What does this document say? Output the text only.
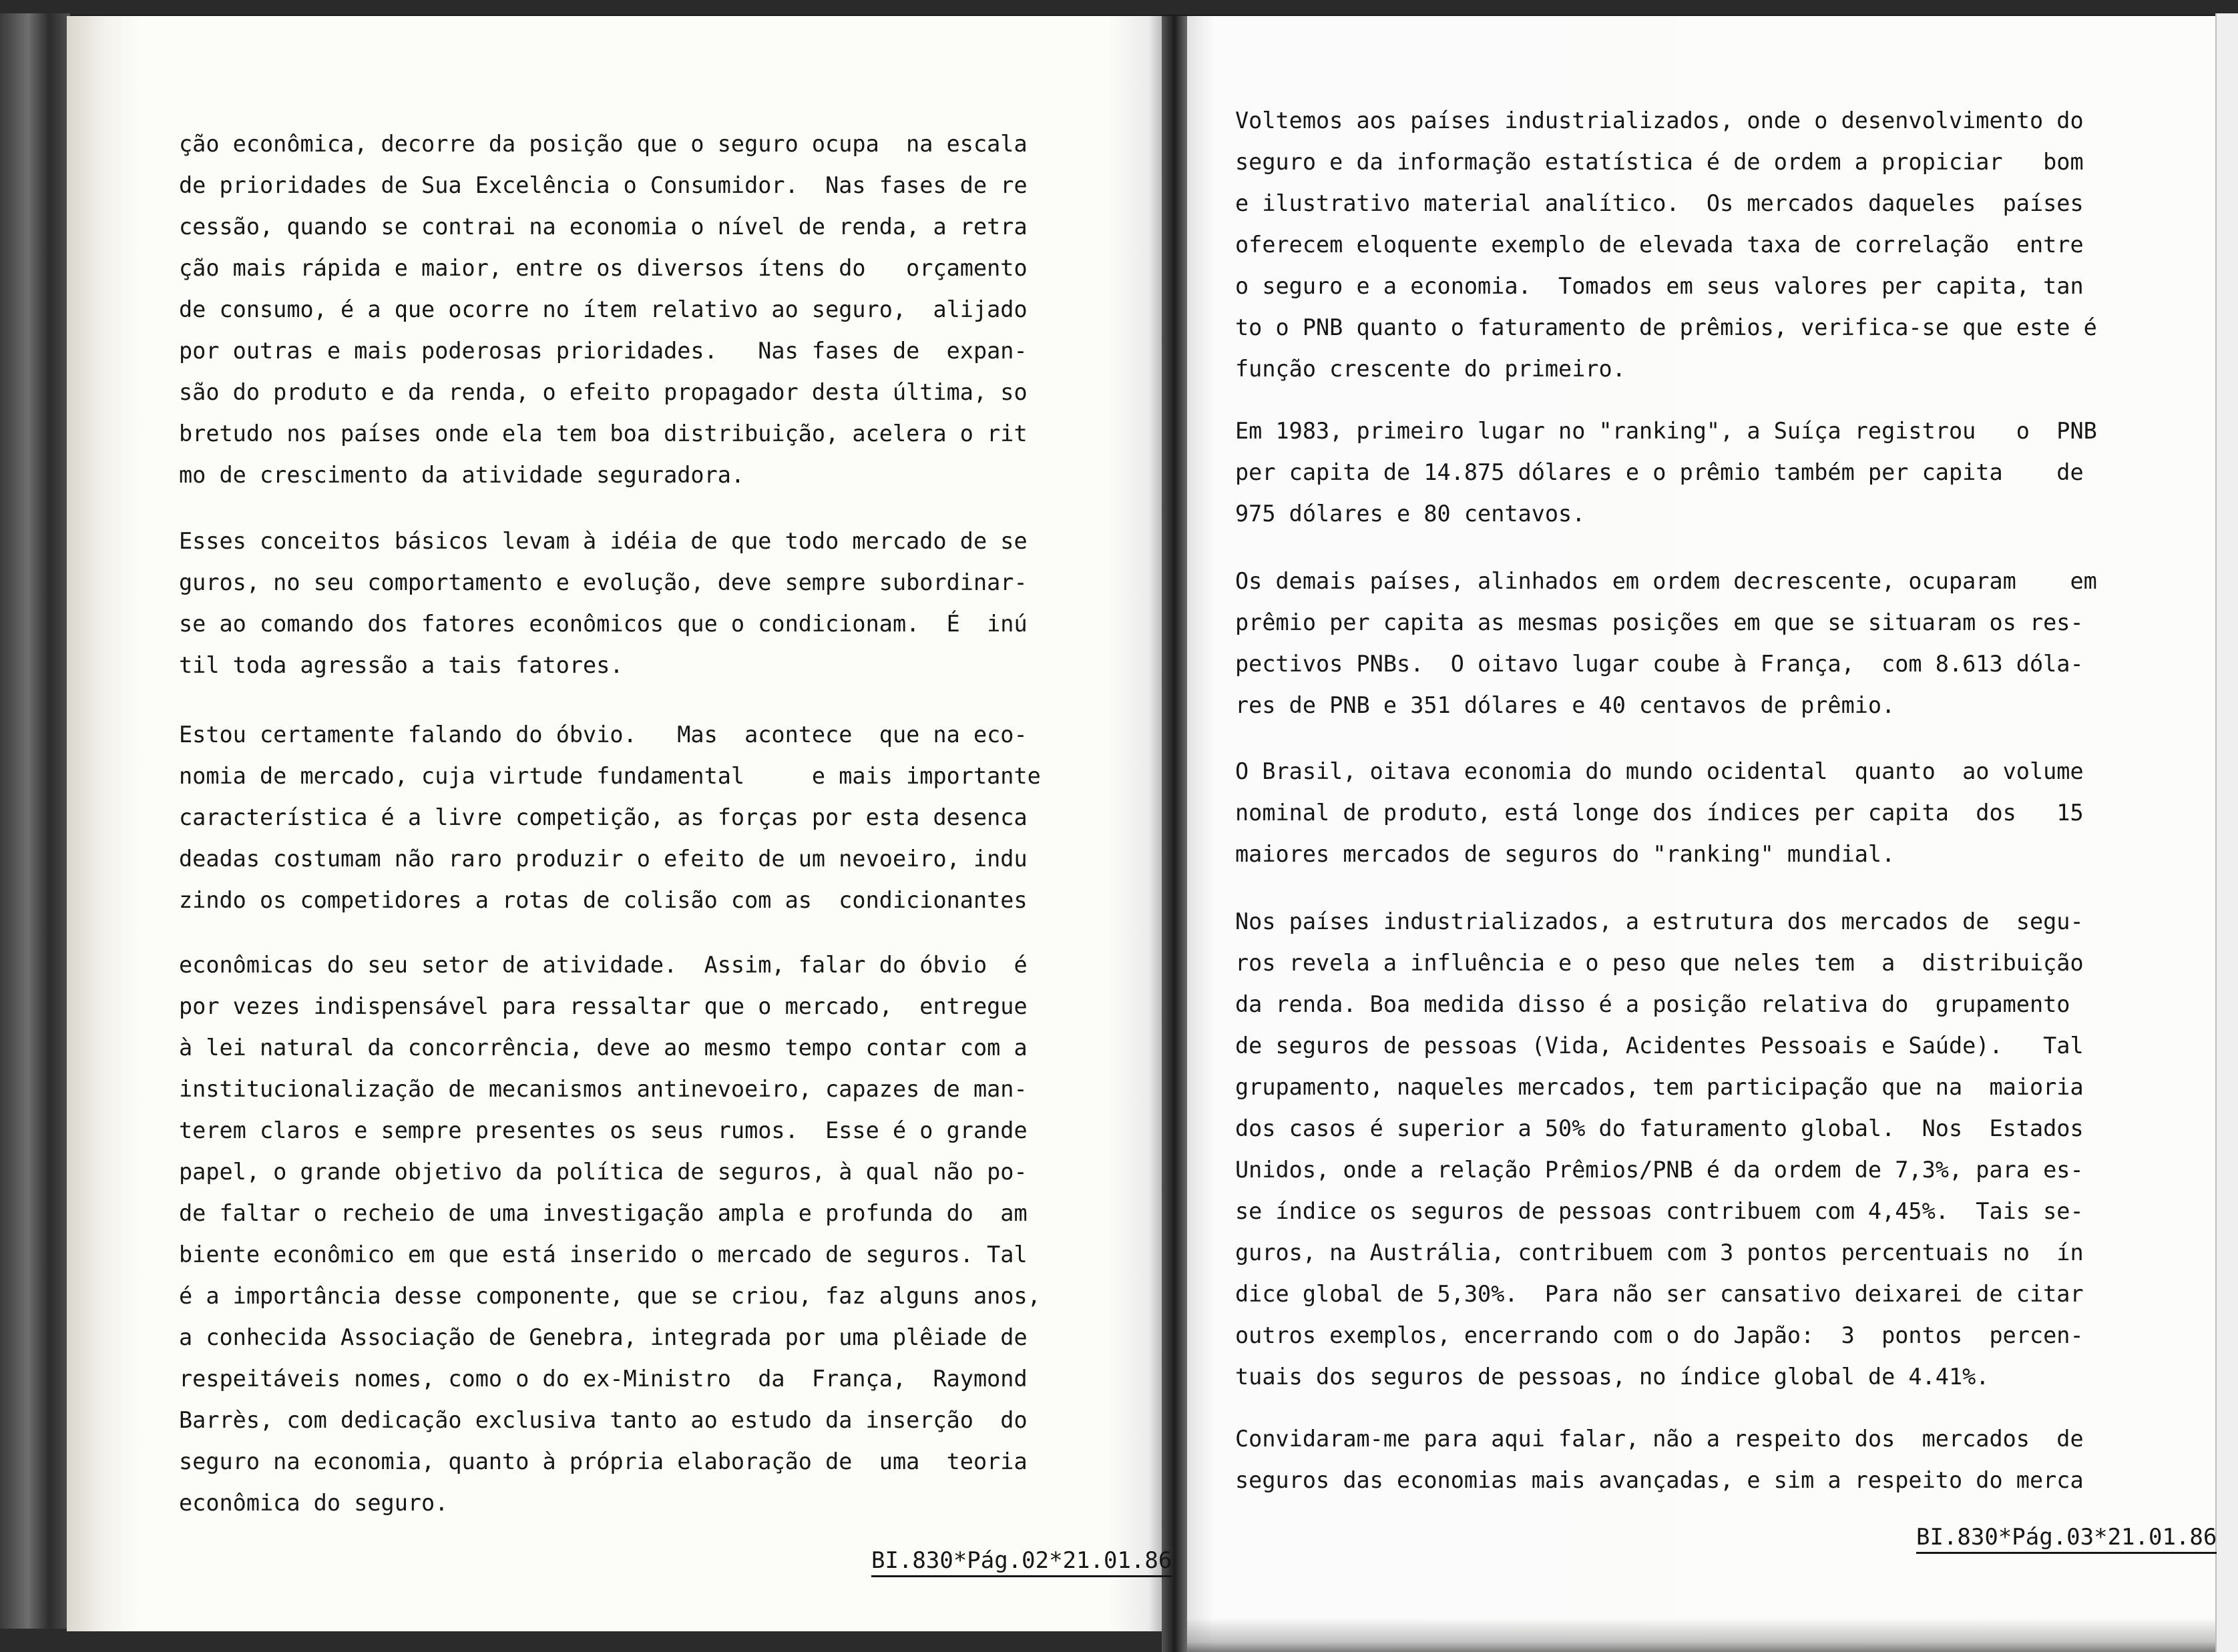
ção econômica, decorre da posição que o seguro ocupa  na escala
de prioridades de Sua Excelência o Consumidor.  Nas fases de re
cessão, quando se contrai na economia o nível de renda, a retra
ção mais rápida e maior, entre os diversos ítens do   orçamento
de consumo, é a que ocorre no ítem relativo ao seguro,  alijado
por outras e mais poderosas prioridades.   Nas fases de  expan-
são do produto e da renda, o efeito propagador desta última, so
bretudo nos países onde ela tem boa distribuição, acelera o rit
mo de crescimento da atividade seguradora.

Esses conceitos básicos levam à idéia de que todo mercado de se
guros, no seu comportamento e evolução, deve sempre subordinar-
se ao comando dos fatores econômicos que o condicionam.  É  inú
til toda agressão a tais fatores.

Estou certamente falando do óbvio.   Mas  acontece  que na eco-
nomia de mercado, cuja virtude fundamental     e mais importante
característica é a livre competição, as forças por esta desenca
deadas costumam não raro produzir o efeito de um nevoeiro, indu
zindo os competidores a rotas de colisão com as  condicionantes

econômicas do seu setor de atividade.  Assim, falar do óbvio  é
por vezes indispensável para ressaltar que o mercado,  entregue
à lei natural da concorrência, deve ao mesmo tempo contar com a
institucionalização de mecanismos antinevoeiro, capazes de man-
terem claros e sempre presentes os seus rumos.  Esse é o grande
papel, o grande objetivo da política de seguros, à qual não po-
de faltar o recheio de uma investigação ampla e profunda do  am
biente econômico em que está inserido o mercado de seguros. Tal
é a importância desse componente, que se criou, faz alguns anos,
a conhecida Associação de Genebra, integrada por uma plêiade de
respeitáveis nomes, como o do ex-Ministro  da  França,  Raymond
Barrès, com dedicação exclusiva tanto ao estudo da inserção  do
seguro na economia, quanto à própria elaboração de  uma  teoria
econômica do seguro.

BI.830*Pág.02*21.01.86

Voltemos aos países industrializados, onde o desenvolvimento do
seguro e da informação estatística é de ordem a propiciar   bom
e ilustrativo material analítico.  Os mercados daqueles  países
oferecem eloquente exemplo de elevada taxa de correlação  entre
o seguro e a economia.  Tomados em seus valores per capita, tan
to o PNB quanto o faturamento de prêmios, verifica-se que este é
função crescente do primeiro.

Em 1983, primeiro lugar no "ranking", a Suíça registrou   o  PNB
per capita de 14.875 dólares e o prêmio também per capita    de
975 dólares e 80 centavos.

Os demais países, alinhados em ordem decrescente, ocuparam    em
prêmio per capita as mesmas posições em que se situaram os res-
pectivos PNBs.  O oitavo lugar coube à França,  com 8.613 dóla-
res de PNB e 351 dólares e 40 centavos de prêmio.

O Brasil, oitava economia do mundo ocidental  quanto  ao volume
nominal de produto, está longe dos índices per capita  dos   15
maiores mercados de seguros do "ranking" mundial.

Nos países industrializados, a estrutura dos mercados de  segu-
ros revela a influência e o peso que neles tem  a  distribuição
da renda. Boa medida disso é a posição relativa do  grupamento
de seguros de pessoas (Vida, Acidentes Pessoais e Saúde).   Tal
grupamento, naqueles mercados, tem participação que na  maioria
dos casos é superior a 50% do faturamento global.  Nos  Estados
Unidos, onde a relação Prêmios/PNB é da ordem de 7,3%, para es-
se índice os seguros de pessoas contribuem com 4,45%.  Tais se-
guros, na Austrália, contribuem com 3 pontos percentuais no  ín
dice global de 5,30%.  Para não ser cansativo deixarei de citar
outros exemplos, encerrando com o do Japão:  3  pontos  percen-
tuais dos seguros de pessoas, no índice global de 4.41%.

Convidaram-me para aqui falar, não a respeito dos  mercados  de
seguros das economias mais avançadas, e sim a respeito do merca

BI.830*Pág.03*21.01.86
